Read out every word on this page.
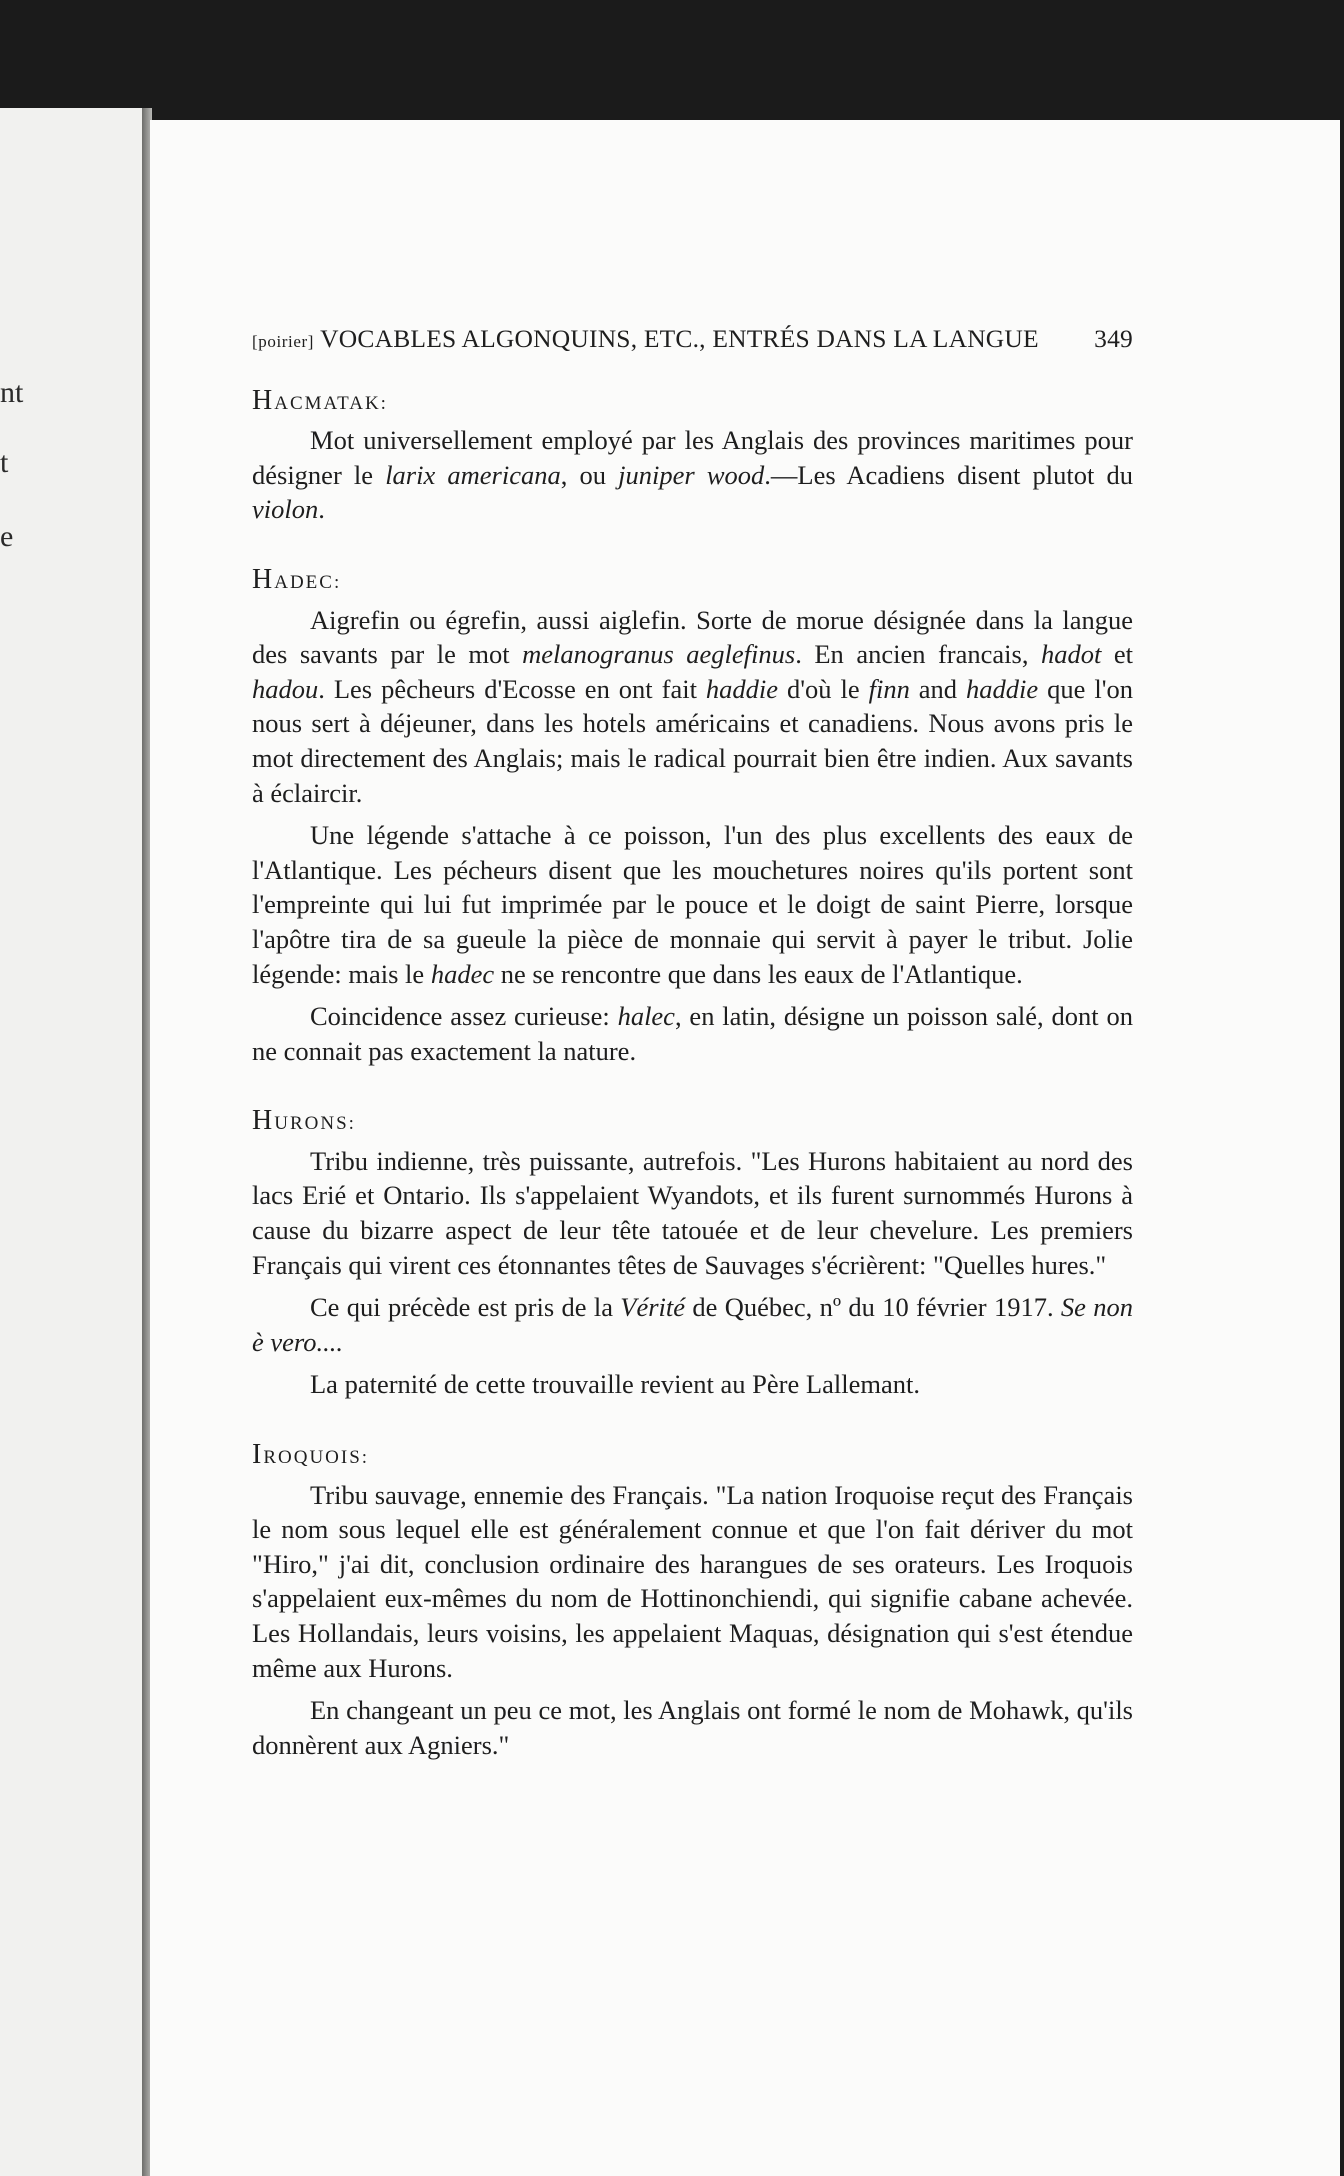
nt
t
e
[poirier] VOCABLES ALGONQUINS, ETC., ENTRÉS DANS LA LANGUE 349
HACMATAK:

Mot universellement employé par les Anglais des provinces maritimes pour désigner le larix americana, ou juniper wood.—Les Acadiens disent plutot du violon.

HADEC:

Aigrefin ou égrefin, aussi aiglefin. Sorte de morue désignée dans la langue des savants par le mot melanogranus aeglefinus. En ancien francais, hadot et hadou. Les pêcheurs d'Ecosse en ont fait haddie d'où le finn and haddie que l'on nous sert à déjeuner, dans les hotels américains et canadiens. Nous avons pris le mot directement des Anglais; mais le radical pourrait bien être indien. Aux savants à éclaircir.

Une légende s'attache à ce poisson, l'un des plus excellents des eaux de l'Atlantique. Les pécheurs disent que les mouchetures noires qu'ils portent sont l'empreinte qui lui fut imprimée par le pouce et le doigt de saint Pierre, lorsque l'apôtre tira de sa gueule la pièce de monnaie qui servit à payer le tribut. Jolie légende: mais le hadec ne se rencontre que dans les eaux de l'Atlantique.

Coincidence assez curieuse: halec, en latin, désigne un poisson salé, dont on ne connait pas exactement la nature.

HURONS:

Tribu indienne, très puissante, autrefois. "Les Hurons habitaient au nord des lacs Erié et Ontario. Ils s'appelaient Wyandots, et ils furent surnommés Hurons à cause du bizarre aspect de leur tête tatouée et de leur chevelure. Les premiers Français qui virent ces étonnantes têtes de Sauvages s'écrièrent: "Quelles hures."

Ce qui précède est pris de la Vérité de Québec, nº du 10 février 1917. Se non è vero....

La paternité de cette trouvaille revient au Père Lallemant.

IROQUOIS:

Tribu sauvage, ennemie des Français. "La nation Iroquoise reçut des Français le nom sous lequel elle est généralement connue et que l'on fait dériver du mot "Hiro," j'ai dit, conclusion ordinaire des harangues de ses orateurs. Les Iroquois s'appelaient eux-mêmes du nom de Hottinonchiendi, qui signifie cabane achevée. Les Hollandais, leurs voisins, les appelaient Maquas, désignation qui s'est étendue même aux Hurons.

En changeant un peu ce mot, les Anglais ont formé le nom de Mohawk, qu'ils donnèrent aux Agniers."
